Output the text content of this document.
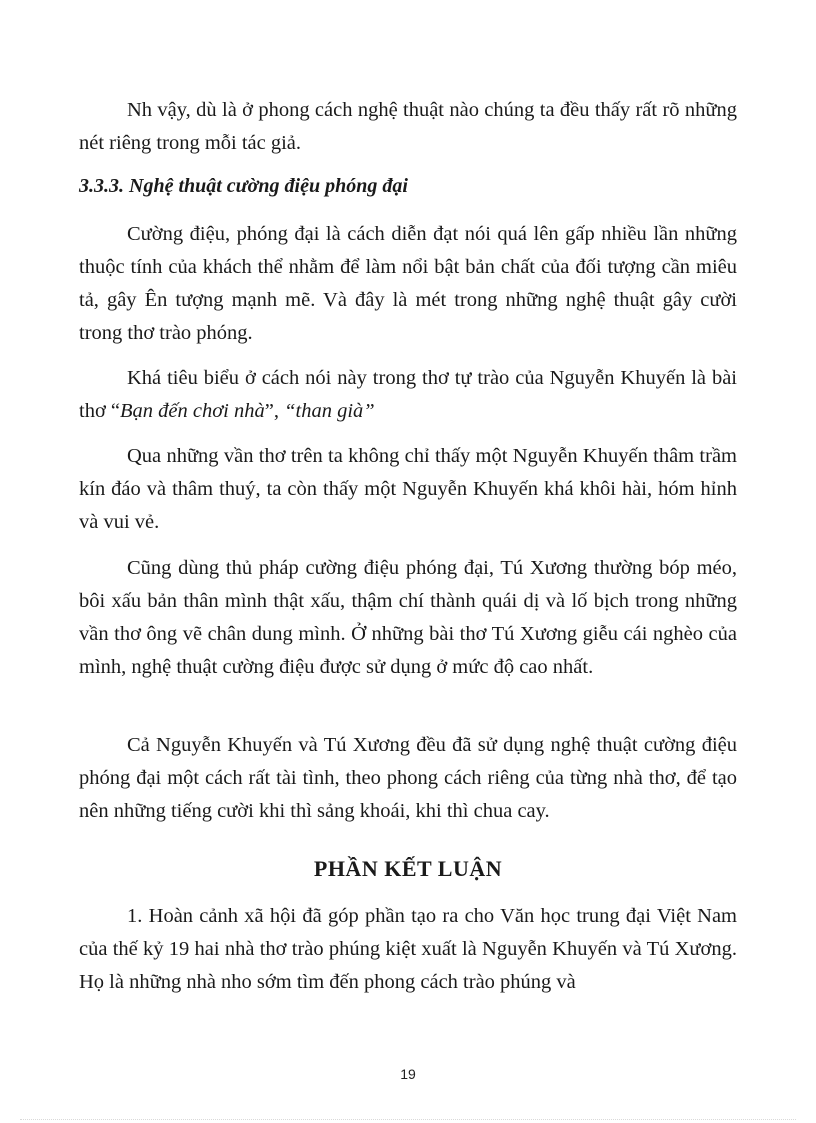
Nh vậy, dù là ở phong cách nghệ thuật nào chúng ta đều thấy rất rõ những nét riêng trong mỗi tác giả.

3.3.3. Nghệ thuật cường điệu phóng đại

Cường điệu, phóng đại là cách diễn đạt nói quá lên gấp nhiều lần những thuộc tính của khách thể nhằm để làm nổi bật bản chất của đối tượng cần miêu tả, gây Ên tượng mạnh mẽ. Và đây là mét trong những nghệ thuật gây cười trong thơ trào phóng.

Khá tiêu biểu ở cách nói này trong thơ tự trào của Nguyễn Khuyến là bài thơ “Bạn đến chơi nhà”, “than già”

Qua những vần thơ trên ta không chỉ thấy một Nguyễn Khuyến thâm trầm kín đáo và thâm thuý, ta còn thấy một Nguyễn Khuyến khá khôi hài, hóm hỉnh và vui vẻ.

Cũng dùng thủ pháp cường điệu phóng đại, Tú Xương thường bóp méo, bôi xấu bản thân mình thật xấu, thậm chí thành quái dị và lố bịch trong những vần thơ ông vẽ chân dung mình. Ở những bài thơ Tú Xương giễu cái nghèo của mình, nghệ thuật cường điệu được sử dụng ở mức độ cao nhất.

Cả Nguyễn Khuyến và Tú Xương đều đã sử dụng nghệ thuật cường điệu phóng đại một cách rất tài tình, theo phong cách riêng của từng nhà thơ, để tạo nên những tiếng cười khi thì sảng khoái, khi thì chua cay.

PHẦN KẾT LUẬN

1. Hoàn cảnh xã hội đã góp phần tạo ra cho Văn học trung đại Việt Nam của thế kỷ 19 hai nhà thơ trào phúng kiệt xuất là Nguyễn Khuyến và Tú Xương. Họ là những nhà nho sớm tìm đến phong cách trào phúng và

19
